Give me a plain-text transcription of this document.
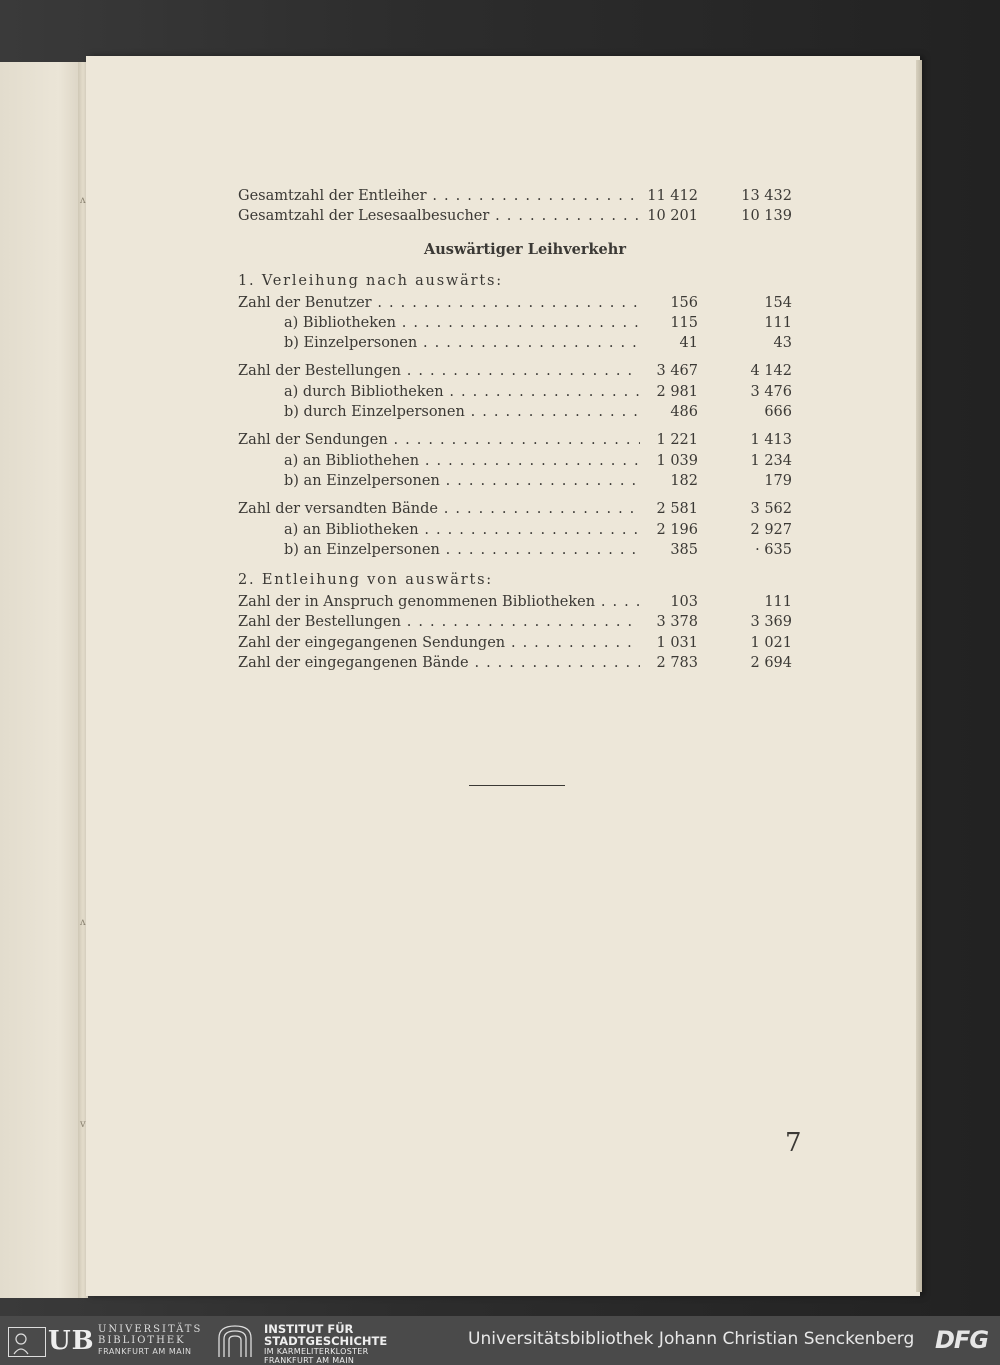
ʌ
ʌ
v
Gesamtzahl der Entleiher . . .	11 412	13 432
Gesamtzahl der Lesesaalbesucher . . .	10 201	10 139
Auswärtiger Leihverkehr
1. Verleihung nach auswärts:
Zahl der Benutzer . . .	156	154
a) Bibliotheken . . .	115	111
b) Einzelpersonen . . .	41	43
Zahl der Bestellungen . . .	3 467	4 142
a) durch Bibliotheken . . .	2 981	3 476
b) durch Einzelpersonen . . .	486	666
Zahl der Sendungen . . .	1 221	1 413
a) an Bibliothehen . . .	1 039	1 234
b) an Einzelpersonen . . .	182	179
Zahl der versandten Bände . . .	2 581	3 562
a) an Bibliotheken . . .	2 196	2 927
b) an Einzelpersonen . . .	385	· 635
2. Entleihung von auswärts:
Zahl der in Anspruch genommenen Bibliotheken . . .	103	111
Zahl der Bestellungen . . .	3 378	3 369
Zahl der eingegangenen Sendungen . . .	1 031	1 021
Zahl der eingegangenen Bände . . .	2 783	2 694
7
UB UNIVERSITÄTS
BIBLIOTHEK
FRANKFURT AM MAIN
INSTITUT FÜR
STADTGESCHICHTE
IM KARMELITERKLOSTER
FRANKFURT AM MAIN
Universitätsbibliothek Johann Christian Senckenberg DFG
